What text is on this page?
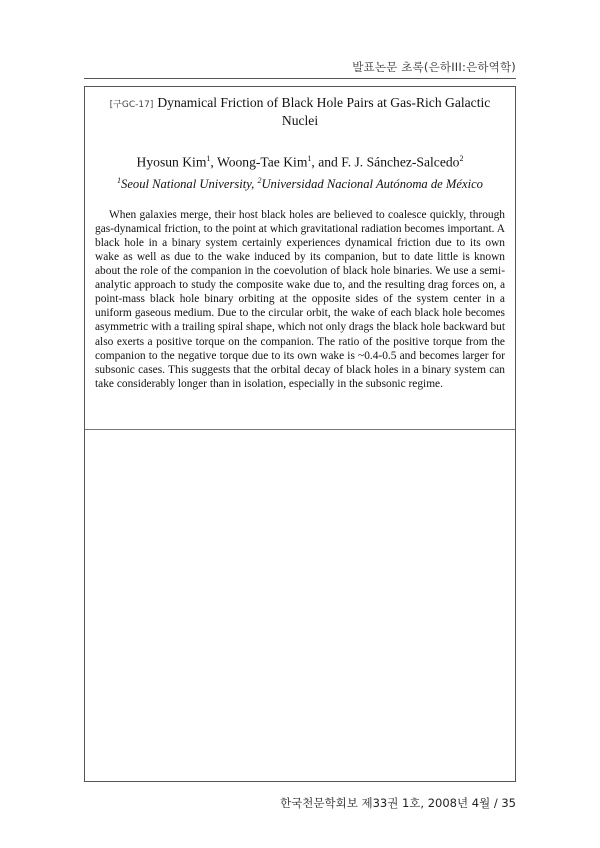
발표논문 초록(은하III:은하역학)

[구GC-17] Dynamical Friction of Black Hole Pairs at Gas-Rich Galactic Nuclei

Hyosun Kim$^1$, Woong-Tae Kim$^1$, and F. J. Sánchez-Salcedo$^2$
$^1$Seoul National University, $^2$Universidad Nacional Autónoma de México

When galaxies merge, their host black holes are believed to coalesce quickly, through gas-dynamical friction, to the point at which gravitational radiation becomes important. A black hole in a binary system certainly experiences dynamical friction due to its own wake as well as due to the wake induced by its companion, but to date little is known about the role of the companion in the coevolution of black hole binaries. We use a semi-analytic approach to study the composite wake due to, and the resulting drag forces on, a point-mass black hole binary orbiting at the opposite sides of the system center in a uniform gaseous medium. Due to the circular orbit, the wake of each black hole becomes asymmetric with a trailing spiral shape, which not only drags the black hole backward but also exerts a positive torque on the companion. The ratio of the positive torque from the companion to the negative torque due to its own wake is ~0.4-0.5 and becomes larger for subsonic cases. This suggests that the orbital decay of black holes in a binary system can take considerably longer than in isolation, especially in the subsonic regime.

한국천문학회보 제33권 1호, 2008년 4월 / 35
